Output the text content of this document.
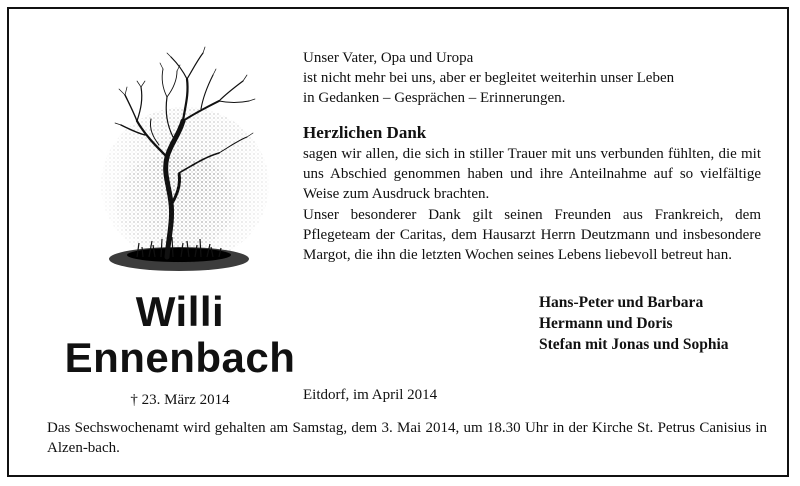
Willi
Ennenbach
† 23. März 2014
Unser Vater, Opa und Uropa
ist nicht mehr bei uns, aber er begleitet weiterhin unser Leben
in Gedanken – Gesprächen – Erinnerungen.
Herzlichen Dank

sagen wir allen, die sich in stiller Trauer mit uns verbunden fühlten, die mit uns Abschied genommen haben und ihre Anteilnahme auf so vielfältige Weise zum Ausdruck brachten.

Unser besonderer Dank gilt seinen Freunden aus Frankreich, dem Pflegeteam der Caritas, dem Hausarzt Herrn Deutzmann und insbesondere Margot, die ihn die letzten Wochen seines Lebens liebevoll betreut han.

Hans-Peter und Barbara
Hermann und Doris
Stefan mit Jonas und Sophia
Eitdorf, im April 2014

Das Sechswochenamt wird gehalten am Samstag, dem 3. Mai 2014, um 18.30 Uhr in der Kirche St. Petrus Canisius in Alzen-bach.
